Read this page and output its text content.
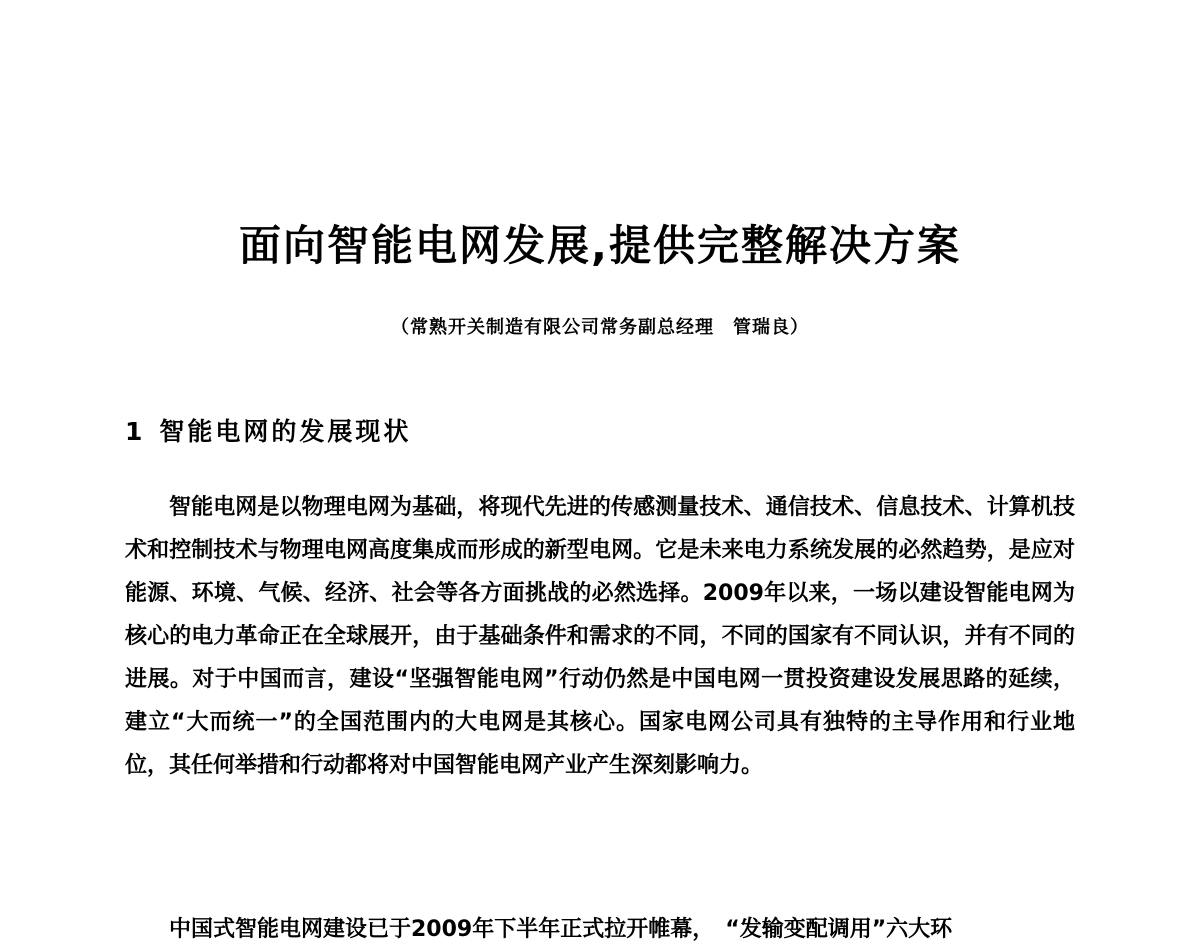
面向智能电网发展,提供完整解决方案

（常熟开关制造有限公司常务副总经理　管瑞良）

1 智能电网的发展现状

智能电网是以物理电网为基础，将现代先进的传感测量技术、通信技术、信息技术、计算机技术和控制技术与物理电网高度集成而形成的新型电网。它是未来电力系统发展的必然趋势，是应对能源、环境、气候、经济、社会等各方面挑战的必然选择。2009年以来，一场以建设智能电网为核心的电力革命正在全球展开，由于基础条件和需求的不同，不同的国家有不同认识，并有不同的进展。对于中国而言，建设“坚强智能电网”行动仍然是中国电网一贯投资建设发展思路的延续，建立“大而统一”的全国范围内的大电网是其核心。国家电网公司具有独特的主导作用和行业地位，其任何举措和行动都将对中国智能电网产业产生深刻影响力。

中国式智能电网建设已于2009年下半年正式拉开帷幕，　“发输变配调用”六大环
